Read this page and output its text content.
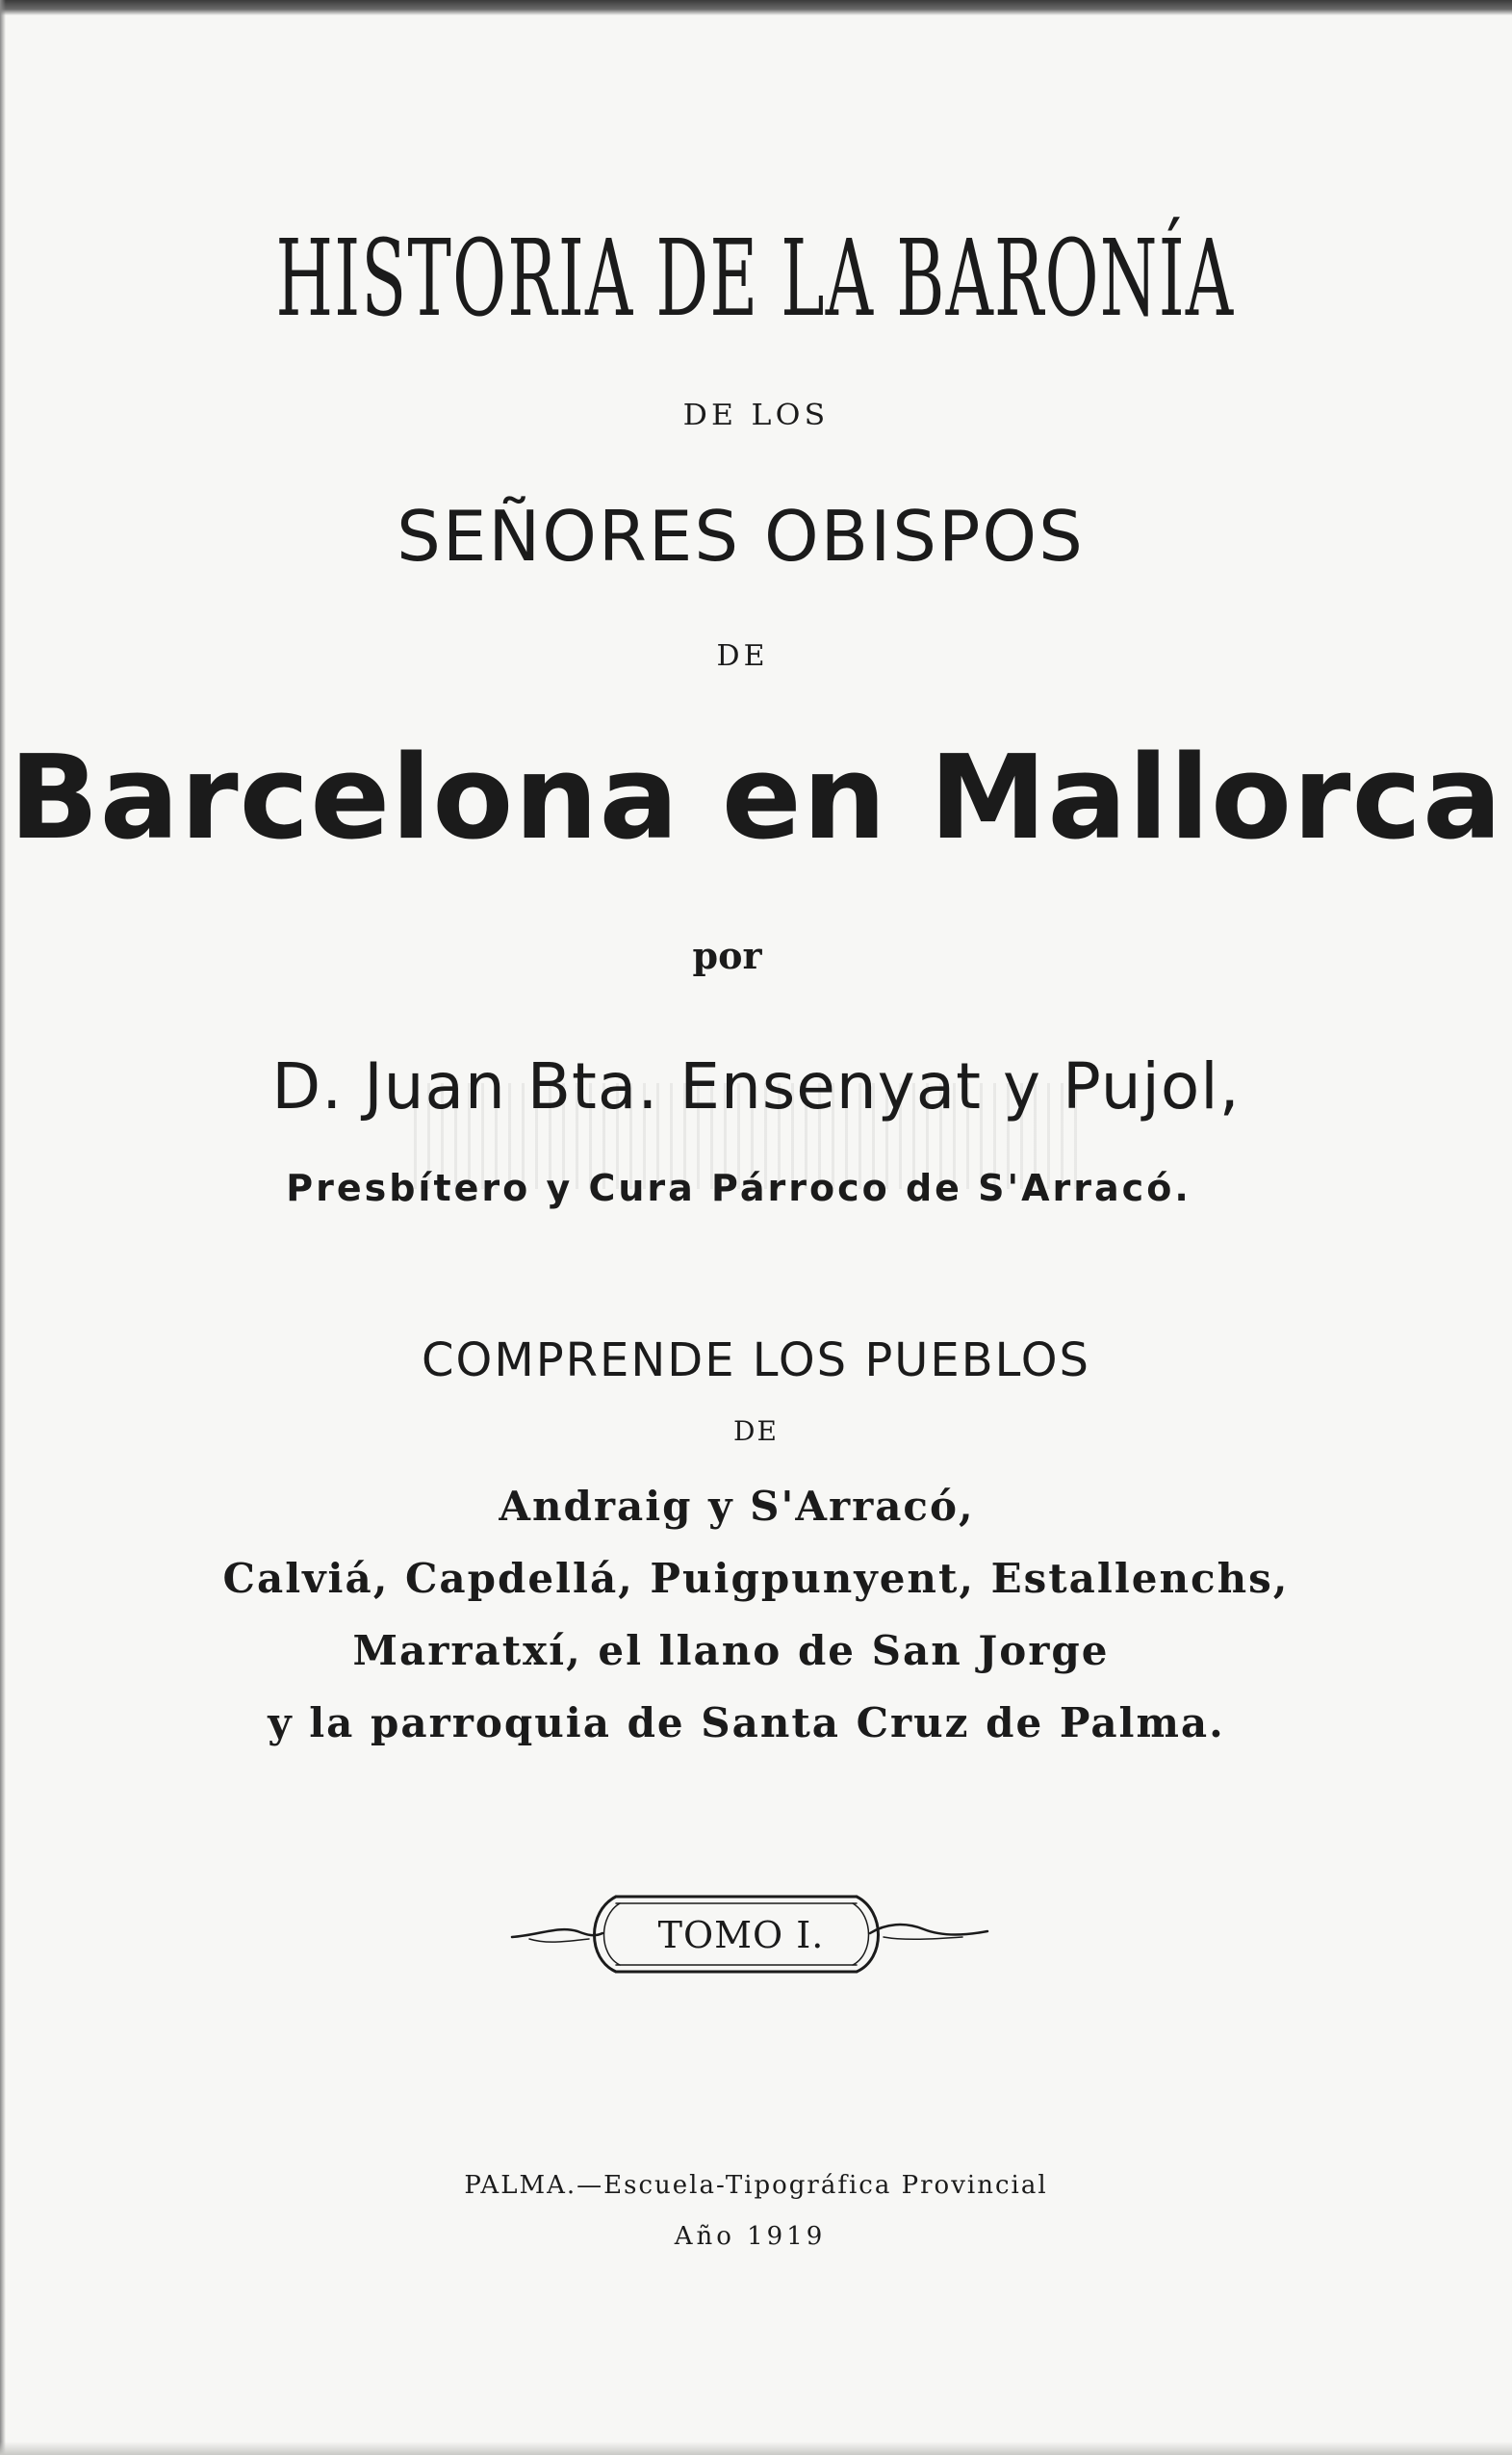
HISTORIA DE LA BARONÍA
DE LOS
SEÑORES OBISPOS
DE
Barcelona en Mallorca
por
D. Juan Bta. Ensenyat y Pujol,
Presbítero y Cura Párroco de S'Arracó.
COMPRENDE LOS PUEBLOS
DE
Andraig y S'Arracó,
Calviá, Capdellá, Puigpunyent, Estallenchs,
Marratxí, el llano de San Jorge
y la parroquia de Santa Cruz de Palma.
TOMO I.
PALMA.—Escuela-Tipográfica Provincial
Año 1919
